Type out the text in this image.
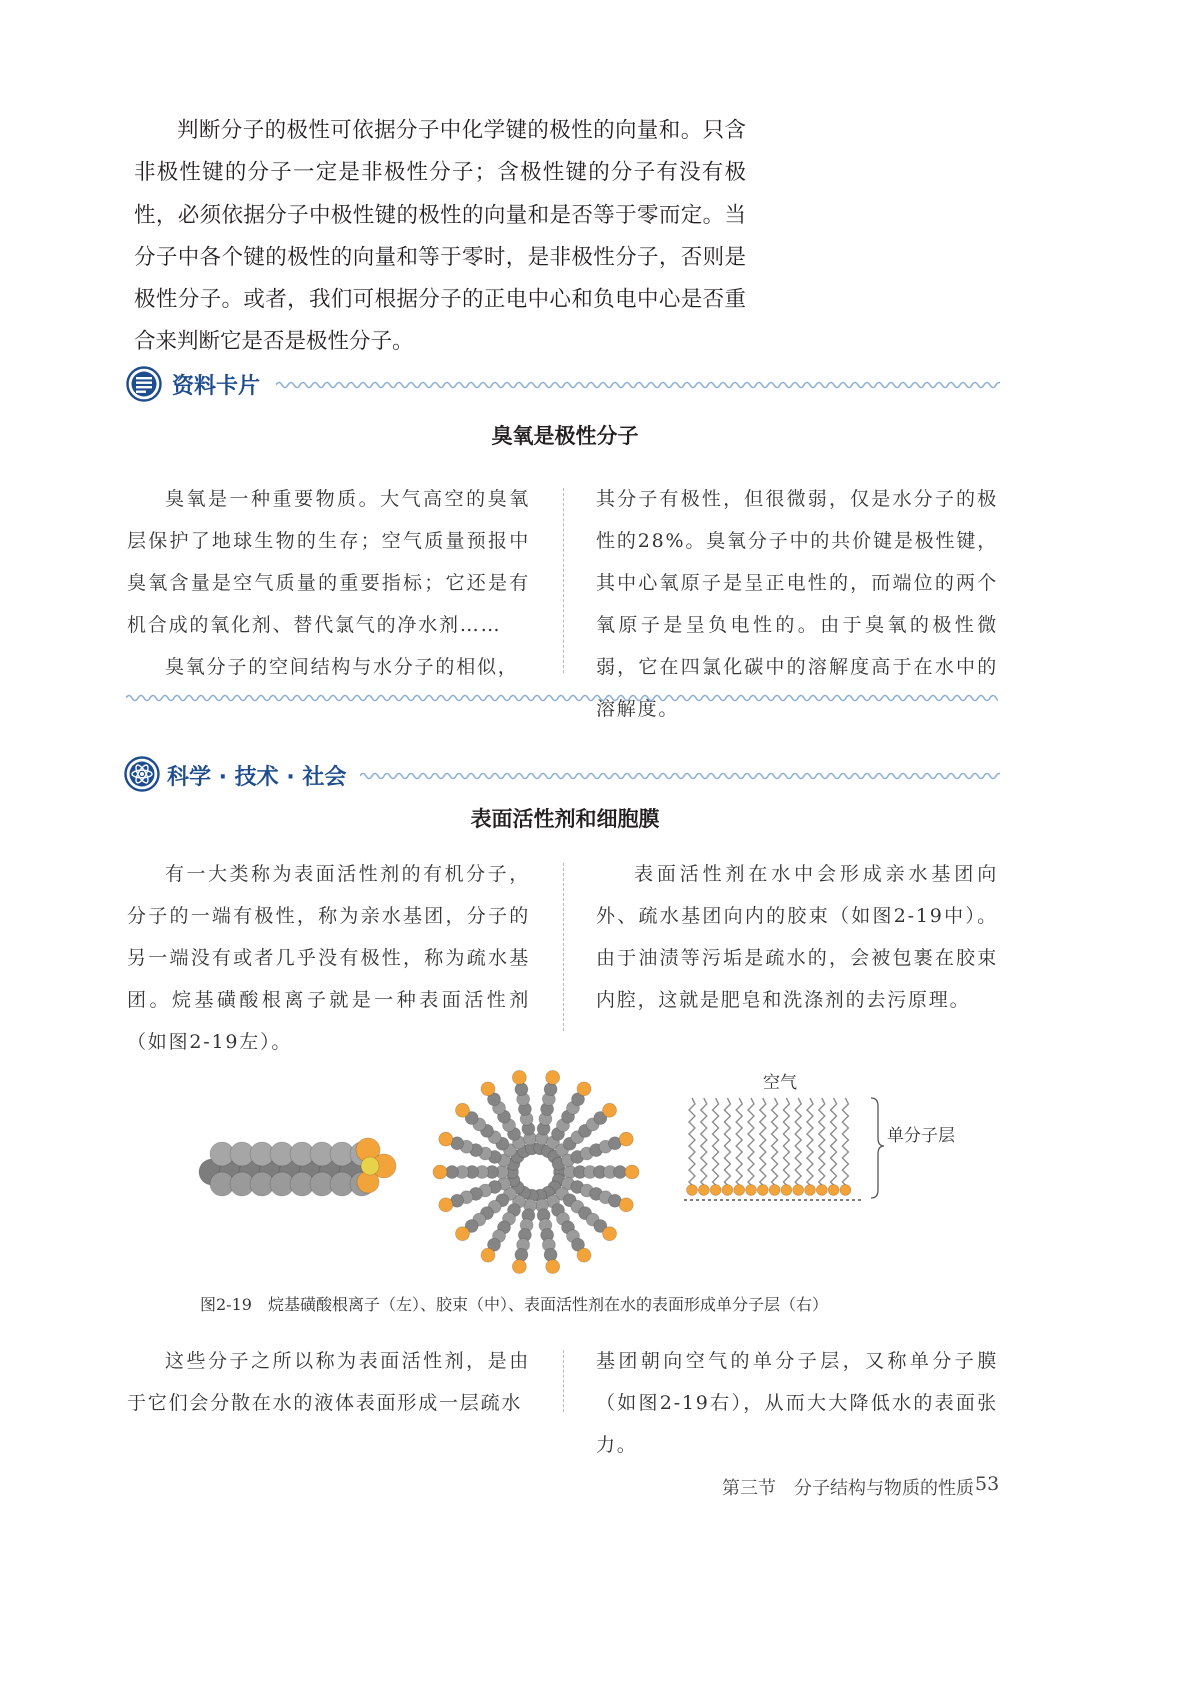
判断分子的极性可依据分子中化学键的极性的向量和。只含非极性键的分子一定是非极性分子；含极性键的分子有没有极性，必须依据分子中极性键的极性的向量和是否等于零而定。当分子中各个键的极性的向量和等于零时，是非极性分子，否则是极性分子。或者，我们可根据分子的正电中心和负电中心是否重合来判断它是否是极性分子。

资料卡片
臭氧是极性分子

臭氧是一种重要物质。大气高空的臭氧层保护了地球生物的生存；空气质量预报中臭氧含量是空气质量的重要指标；它还是有机合成的氧化剂、替代氯气的净水剂……

臭氧分子的空间结构与水分子的相似，

其分子有极性，但很微弱，仅是水分子的极性的28%。臭氧分子中的共价键是极性键，其中心氧原子是呈正电性的，而端位的两个氧原子是呈负电性的。由于臭氧的极性微弱，它在四氯化碳中的溶解度高于在水中的溶解度。

科学 · 技术 · 社会
表面活性剂和细胞膜

有一大类称为表面活性剂的有机分子，分子的一端有极性，称为亲水基团，分子的另一端没有或者几乎没有极性，称为疏水基团。烷基磺酸根离子就是一种表面活性剂（如图2-19左）。

表面活性剂在水中会形成亲水基团向外、疏水基团向内的胶束（如图2-19中）。由于油渍等污垢是疏水的，会被包裹在胶束内腔，这就是肥皂和洗涤剂的去污原理。

空气
单分子层
图2-19　烷基磺酸根离子（左）、胶束（中）、表面活性剂在水的表面形成单分子层（右）

这些分子之所以称为表面活性剂，是由于它们会分散在水的液体表面形成一层疏水

基团朝向空气的单分子层，又称单分子膜（如图2-19右），从而大大降低水的表面张力。

第三节　分子结构与物质的性质 53
